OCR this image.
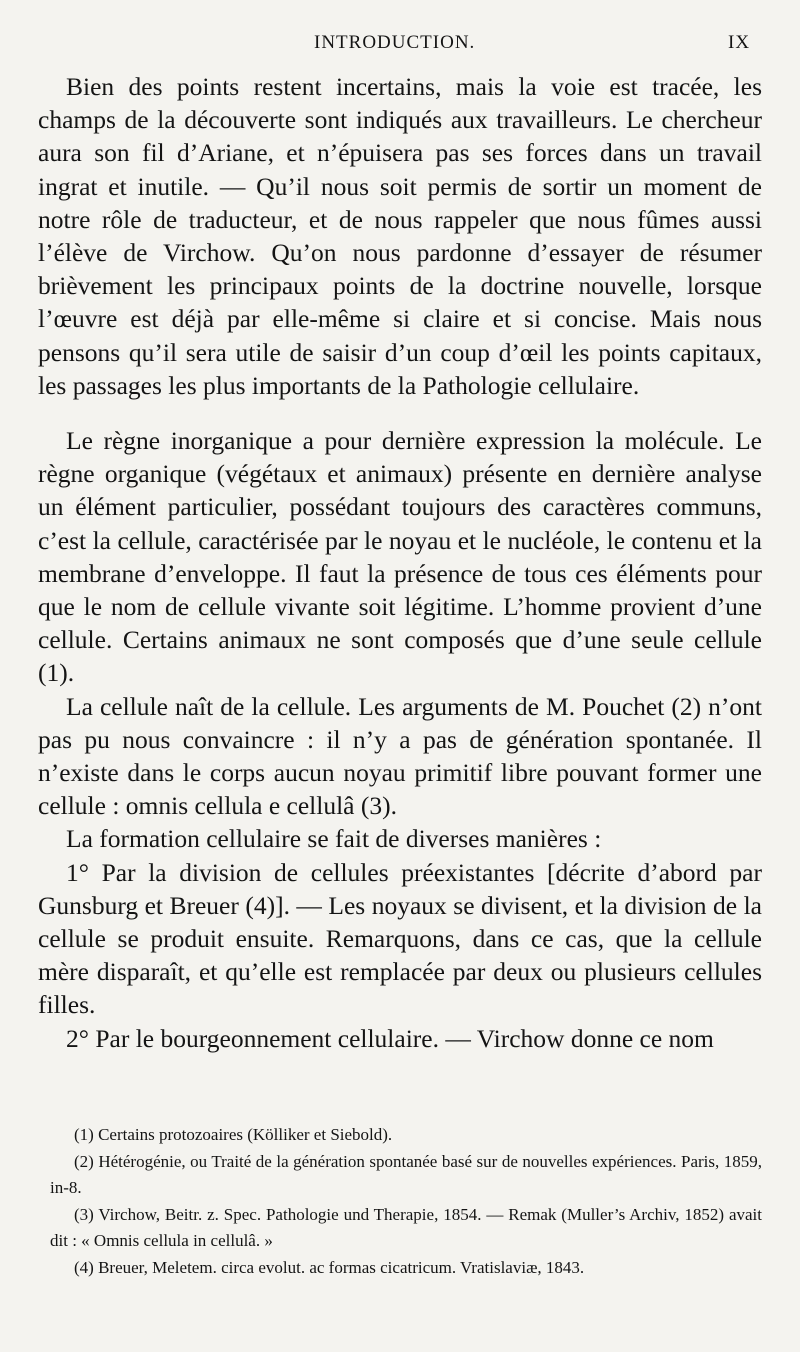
INTRODUCTION.	IX

Bien des points restent incertains, mais la voie est tracée, les champs de la découverte sont indiqués aux travailleurs. Le chercheur aura son fil d’Ariane, et n’épuisera pas ses forces dans un travail ingrat et inutile. — Qu’il nous soit permis de sortir un moment de notre rôle de traducteur, et de nous rappeler que nous fûmes aussi l’élève de Virchow. Qu’on nous pardonne d’essayer de résumer brièvement les principaux points de la doctrine nouvelle, lorsque l’œuvre est déjà par elle-même si claire et si concise. Mais nous pensons qu’il sera utile de saisir d’un coup d’œil les points capitaux, les passages les plus importants de la Pathologie cellulaire.

Le règne inorganique a pour dernière expression la molécule. Le règne organique (végétaux et animaux) présente en dernière analyse un élément particulier, possédant toujours des caractères communs, c’est la cellule, caractérisée par le noyau et le nucléole, le contenu et la membrane d’enveloppe. Il faut la présence de tous ces éléments pour que le nom de cellule vivante soit légitime. L’homme provient d’une cellule. Certains animaux ne sont composés que d’une seule cellule (1).

La cellule naît de la cellule. Les arguments de M. Pouchet (2) n’ont pas pu nous convaincre : il n’y a pas de génération spontanée. Il n’existe dans le corps aucun noyau primitif libre pouvant former une cellule : omnis cellula e cellulâ (3).

La formation cellulaire se fait de diverses manières :

1° Par la division de cellules préexistantes [décrite d’abord par Gunsburg et Breuer (4)]. — Les noyaux se divisent, et la division de la cellule se produit ensuite. Remarquons, dans ce cas, que la cellule mère disparaît, et qu’elle est remplacée par deux ou plusieurs cellules filles.

2° Par le bourgeonnement cellulaire. — Virchow donne ce nom

(1) Certains protozoaires (Kölliker et Siebold).

(2) Hétérogénie, ou Traité de la génération spontanée basé sur de nouvelles expériences. Paris, 1859, in-8.

(3) Virchow, Beitr. z. Spec. Pathologie und Therapie, 1854. — Remak (Muller’s Archiv, 1852) avait dit : « Omnis cellula in cellulâ. »

(4) Breuer, Meletem. circa evolut. ac formas cicatricum. Vratislaviæ, 1843.
